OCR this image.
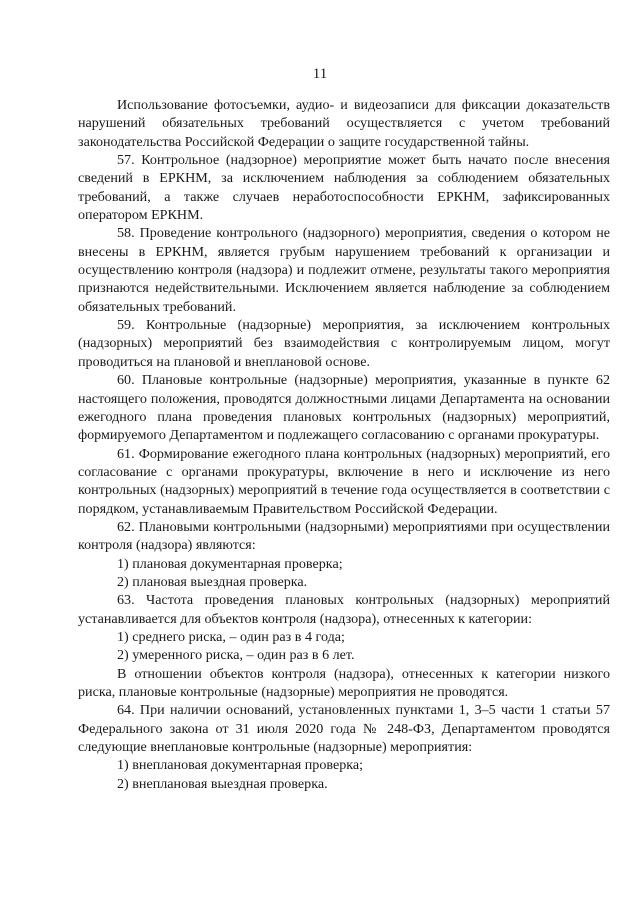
11

Использование фотосъемки, аудио- и видеозаписи для фиксации доказательств нарушений обязательных требований осуществляется с учетом требований законодательства Российской Федерации о защите государственной тайны.

57. Контрольное (надзорное) мероприятие может быть начато после внесения сведений в ЕРКНМ, за исключением наблюдения за соблюдением обязательных требований, а также случаев неработоспособности ЕРКНМ, зафиксированных оператором ЕРКНМ.

58. Проведение контрольного (надзорного) мероприятия, сведения о котором не внесены в ЕРКНМ, является грубым нарушением требований к организации и осуществлению контроля (надзора) и подлежит отмене, результаты такого мероприятия признаются недействительными. Исключением является наблюдение за соблюдением обязательных требований.

59. Контрольные (надзорные) мероприятия, за исключением контрольных (надзорных) мероприятий без взаимодействия с контролируемым лицом, могут проводиться на плановой и внеплановой основе.

60. Плановые контрольные (надзорные) мероприятия, указанные в пункте 62 настоящего положения, проводятся должностными лицами Департамента на основании ежегодного плана проведения плановых контрольных (надзорных) мероприятий, формируемого Департаментом и подлежащего согласованию с органами прокуратуры.

61. Формирование ежегодного плана контрольных (надзорных) мероприятий, его согласование с органами прокуратуры, включение в него и исключение из него контрольных (надзорных) мероприятий в течение года осуществляется в соответствии с порядком, устанавливаемым Правительством Российской Федерации.

62. Плановыми контрольными (надзорными) мероприятиями при осуществлении контроля (надзора) являются:

1) плановая документарная проверка;

2) плановая выездная проверка.

63. Частота проведения плановых контрольных (надзорных) мероприятий устанавливается для объектов контроля (надзора), отнесенных к категории:

1) среднего риска, – один раз в 4 года;

2) умеренного риска, – один раз в 6 лет.

В отношении объектов контроля (надзора), отнесенных к категории низкого риска, плановые контрольные (надзорные) мероприятия не проводятся.

64. При наличии оснований, установленных пунктами 1, 3–5 части 1 статьи 57 Федерального закона от 31 июля 2020 года № 248-ФЗ, Департаментом проводятся следующие внеплановые контрольные (надзорные) мероприятия:

1) внеплановая документарная проверка;

2) внеплановая выездная проверка.
